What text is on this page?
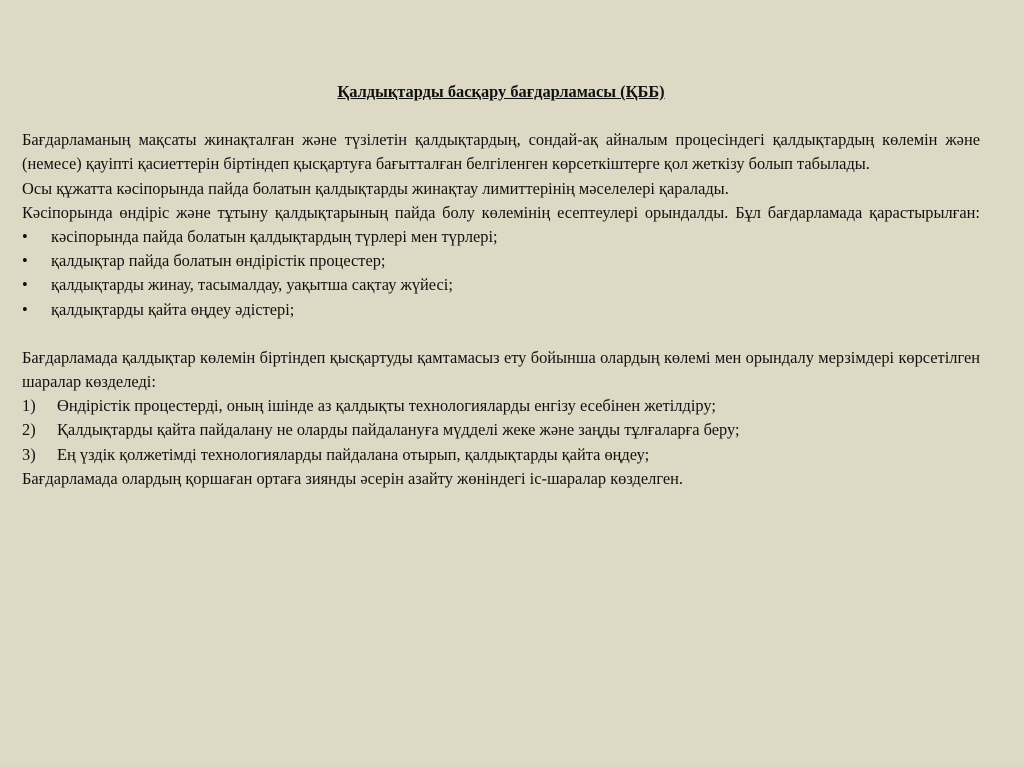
Қалдықтарды басқару бағдарламасы (ҚББ)

Бағдарламаның мақсаты жинақталған және түзілетін қалдықтардың, сондай-ақ айналым процесіндегі қалдықтардың көлемін және (немесе) қауіпті қасиеттерін біртіндеп қысқартуға бағытталған белгіленген көрсеткіштерге қол жеткізу болып табылады.

Осы құжатта кәсіпорында пайда болатын қалдықтарды жинақтау лимиттерінің мәселелері қаралады.

Кәсіпорында өндіріс және тұтыну қалдықтарының пайда болу көлемінің есептеулері орындалды. Бұл бағдарламада қарастырылған:

•	кәсіпорында пайда болатын қалдықтардың түрлері мен түрлері;
•	қалдықтар пайда болатын өндірістік процестер;
•	қалдықтарды жинау, тасымалдау, уақытша сақтау жүйесі;
•	қалдықтарды қайта өңдеу әдістері;

Бағдарламада қалдықтар көлемін біртіндеп қысқартуды қамтамасыз ету бойынша олардың көлемі мен орындалу мерзімдері көрсетілген шаралар көзделеді:

1)	Өндірістік процестерді, оның ішінде аз қалдықты технологияларды енгізу есебінен жетілдіру;
2)	Қалдықтарды қайта пайдалану не оларды пайдалануға мүдделі жеке және заңды тұлғаларға беру;
3)	Ең үздік қолжетімді технологияларды пайдалана отырып, қалдықтарды қайта өңдеу;

Бағдарламада олардың қоршаған ортаға зиянды әсерін азайту жөніндегі іс-шаралар көзделген.
